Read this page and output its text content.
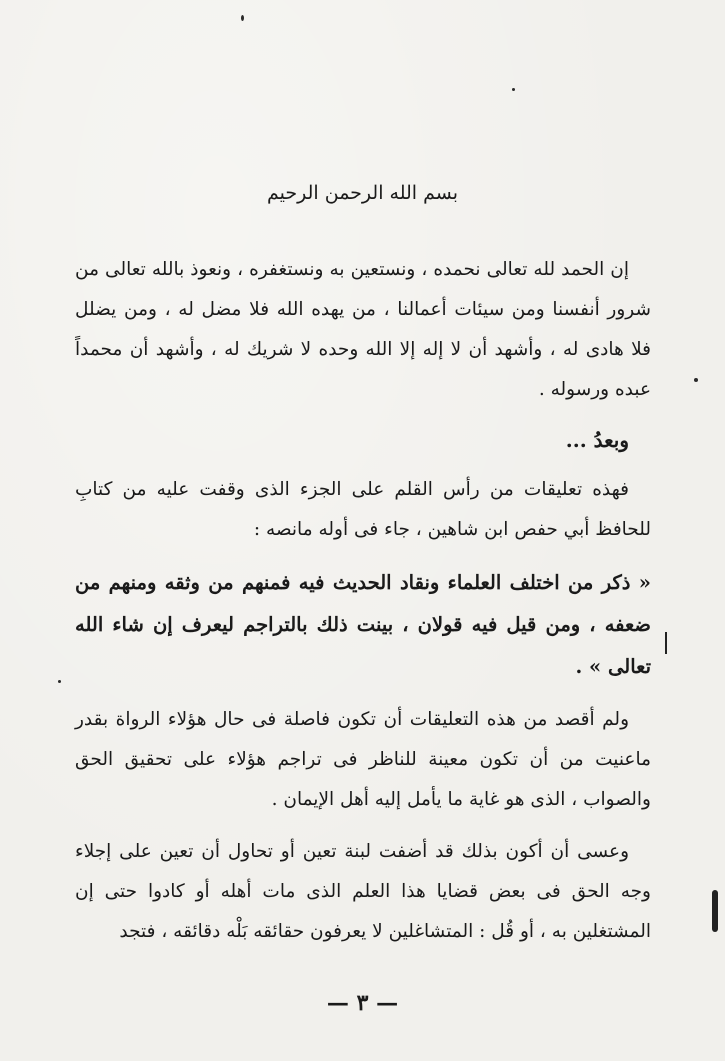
بسم الله الرحمن الرحيم
إن الحمد لله تعالى نحمده ، ونستعين به ونستغفره ، ونعوذ بالله تعالى من شرور أنفسنا ومن سيئات أعمالنا ، من يهده الله فلا مضل له ، ومن يضلل فلا هادى له ، وأشهد أن لا إله إلا الله وحده لا شريك له ، وأشهد أن محمداً عبده ورسوله .
وبعدُ ...
فهذه تعليقات من رأس القلم على الجزء الذى وقفت عليه من كتابِ للحافظ أبي حفص ابن شاهين ، جاء فى أوله مانصه :
« ذكر من اختلف العلماء ونقاد الحديث فيه فمنهم من وثقه ومنهم من ضعفه ، ومن قيل فيه قولان ، بينت ذلك بالتراجم ليعرف إن شاء الله تعالى » .
ولم أقصد من هذه التعليقات أن تكون فاصلة فى حال هؤلاء الرواة بقدر ماعنيت من أن تكون معينة للناظر فى تراجم هؤلاء على تحقيق الحق والصواب ، الذى هو غاية ما يأمل إليه أهل الإيمان .
وعسى أن أكون بذلك قد أضفت لبنة تعين أو تحاول أن تعين على إجلاء وجه الحق فى بعض قضايا هذا العلم الذى مات أهله أو كادوا حتى إن المشتغلين به ، أو قُل : المتشاغلين لا يعرفون حقائقه بَلْه دقائقه ، فتجد
— ٣ —
